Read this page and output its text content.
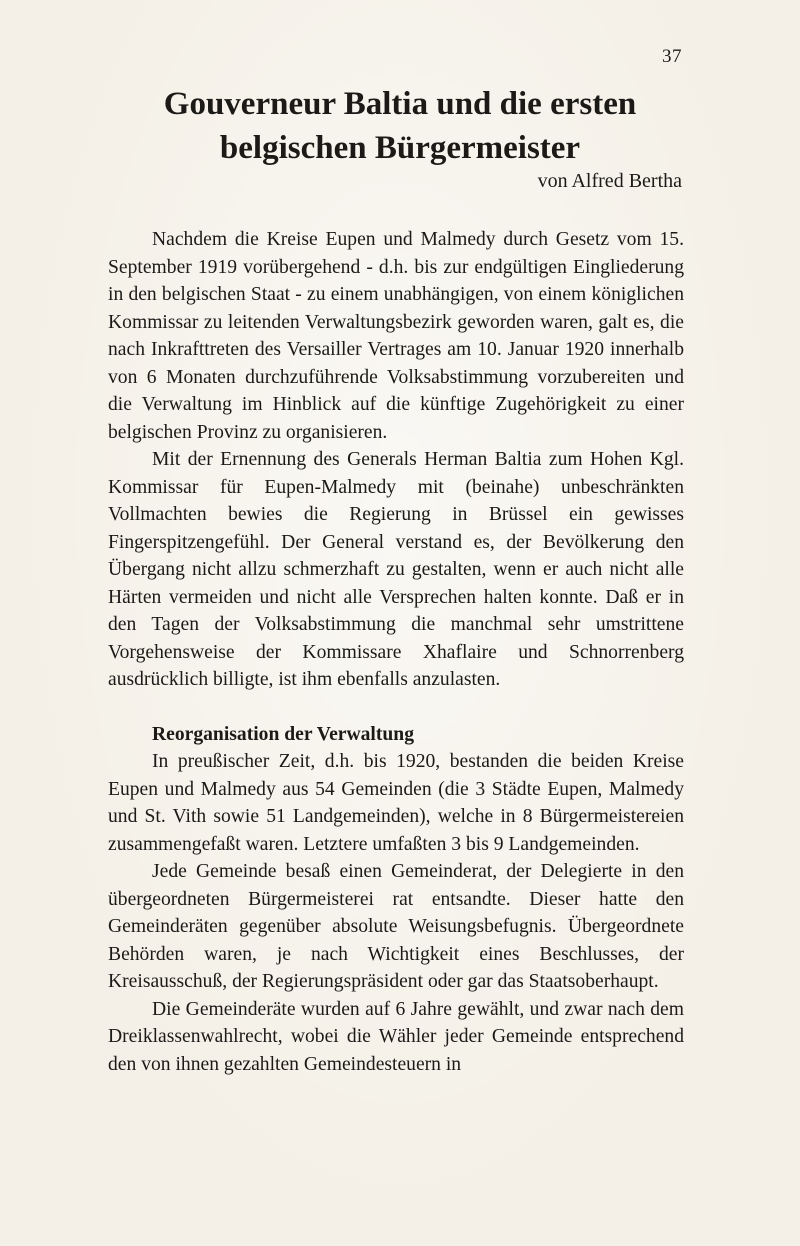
37
Gouverneur Baltia und die ersten
belgischen Bürgermeister
von Alfred Bertha

Nachdem die Kreise Eupen und Malmedy durch Gesetz vom 15. September 1919 vorübergehend - d.h. bis zur endgültigen Eingliederung in den belgischen Staat - zu einem unabhängigen, von einem königlichen Kommissar zu leitenden Verwaltungsbezirk geworden waren, galt es, die nach Inkrafttreten des Versailler Vertrages am 10. Januar 1920 innerhalb von 6 Monaten durchzuführende Volksabstimmung vorzubereiten und die Verwaltung im Hinblick auf die künftige Zugehörigkeit zu einer belgischen Provinz zu organisieren.

Mit der Ernennung des Generals Herman Baltia zum Hohen Kgl. Kommissar für Eupen-Malmedy mit (beinahe) unbeschränkten Vollmachten bewies die Regierung in Brüssel ein gewisses Fingerspitzengefühl. Der General verstand es, der Bevölkerung den Übergang nicht allzu schmerzhaft zu gestalten, wenn er auch nicht alle Härten vermeiden und nicht alle Versprechen halten konnte. Daß er in den Tagen der Volksabstimmung die manchmal sehr umstrittene Vorgehensweise der Kommissare Xhaflaire und Schnorrenberg ausdrücklich billigte, ist ihm ebenfalls anzulasten.

Reorganisation der Verwaltung

In preußischer Zeit, d.h. bis 1920, bestanden die beiden Kreise Eupen und Malmedy aus 54 Gemeinden (die 3 Städte Eupen, Malmedy und St. Vith sowie 51 Landgemeinden), welche in 8 Bürgermeistereien zusammengefaßt waren. Letztere umfaßten 3 bis 9 Landgemeinden.

Jede Gemeinde besaß einen Gemeinderat, der Delegierte in den übergeordneten Bürgermeisterei rat entsandte. Dieser hatte den Gemeinderäten gegenüber absolute Weisungsbefugnis. Übergeordnete Behörden waren, je nach Wichtigkeit eines Beschlusses, der Kreisausschuß, der Regierungspräsident oder gar das Staatsoberhaupt.

Die Gemeinderäte wurden auf 6 Jahre gewählt, und zwar nach dem Dreiklassenwahlrecht, wobei die Wähler jeder Gemeinde entsprechend den von ihnen gezahlten Gemeindesteuern in
